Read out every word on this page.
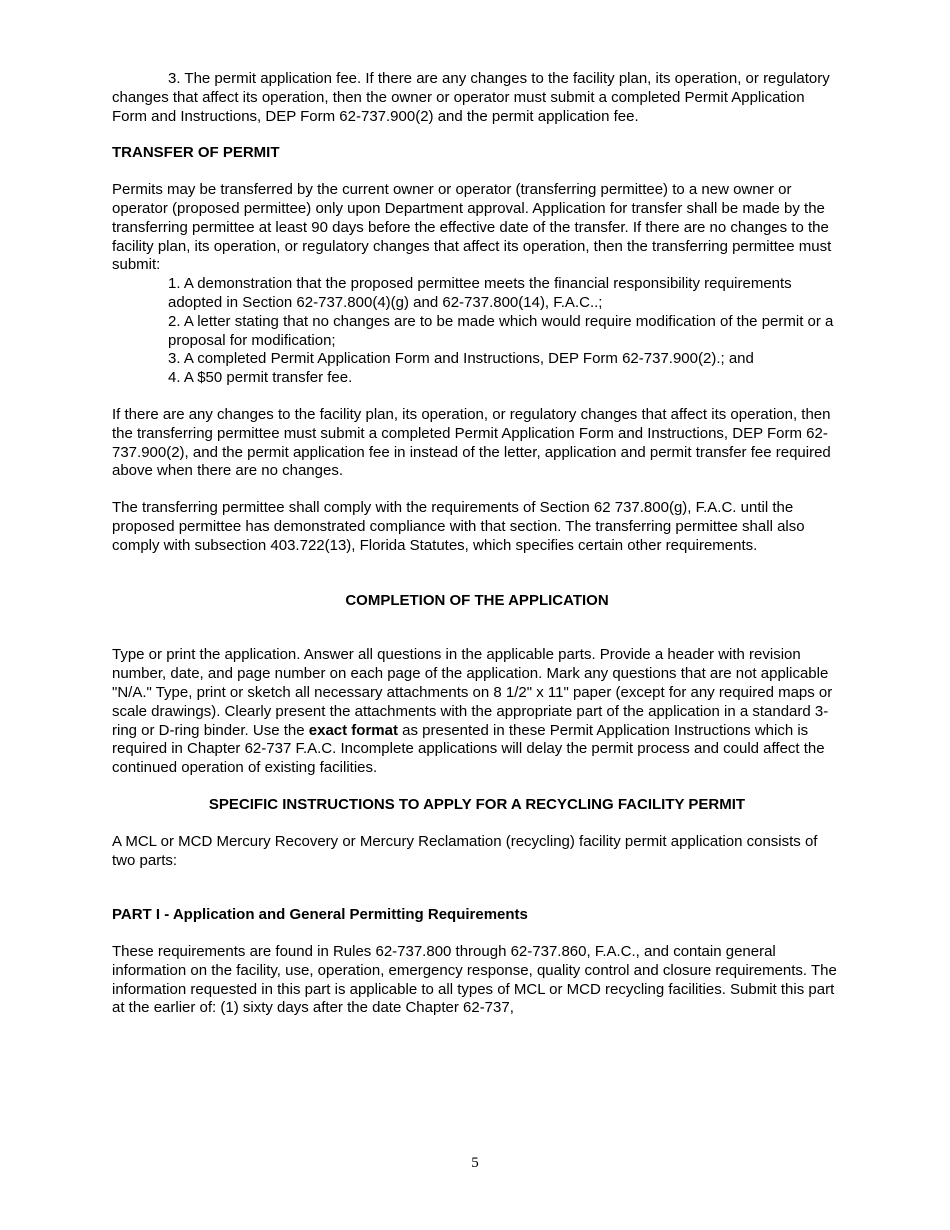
3. The permit application fee. If there are any changes to the facility plan, its operation, or regulatory changes that affect its operation, then the owner or operator must submit a completed Permit Application Form and Instructions, DEP Form 62-737.900(2) and the permit application fee.

TRANSFER OF PERMIT

Permits may be transferred by the current owner or operator (transferring permittee) to a new owner or operator (proposed permittee) only upon Department approval. Application for transfer shall be made by the transferring permittee at least 90 days before the effective date of the transfer. If there are no changes to the facility plan, its operation, or regulatory changes that affect its operation, then the transferring permittee must submit:

1. A demonstration that the proposed permittee meets the financial responsibility requirements adopted in Section 62-737.800(4)(g) and 62-737.800(14), F.A.C..;
2. A letter stating that no changes are to be made which would require modification of the permit or a proposal for modification;
3. A completed Permit Application Form and Instructions, DEP Form 62-737.900(2).; and
4. A $50 permit transfer fee.

If there are any changes to the facility plan, its operation, or regulatory changes that affect its operation, then the transferring permittee must submit a completed Permit Application Form and Instructions, DEP Form 62-737.900(2), and the permit application fee in instead of the letter, application and permit transfer fee required above when there are no changes.

The transferring permittee shall comply with the requirements of Section 62 737.800(g), F.A.C. until the proposed permittee has demonstrated compliance with that section. The transferring permittee shall also comply with subsection 403.722(13), Florida Statutes, which specifies certain other requirements.

COMPLETION OF THE APPLICATION

Type or print the application. Answer all questions in the applicable parts. Provide a header with revision number, date, and page number on each page of the application. Mark any questions that are not applicable "N/A." Type, print or sketch all necessary attachments on 8 1/2" x 11" paper (except for any required maps or scale drawings). Clearly present the attachments with the appropriate part of the application in a standard 3-ring or D-ring binder. Use the exact format as presented in these Permit Application Instructions which is required in Chapter 62-737 F.A.C. Incomplete applications will delay the permit process and could affect the continued operation of existing facilities.

SPECIFIC INSTRUCTIONS TO APPLY FOR A RECYCLING FACILITY PERMIT

A MCL or MCD Mercury Recovery or Mercury Reclamation (recycling) facility permit application consists of two parts:

PART I - Application and General Permitting Requirements

These requirements are found in Rules 62-737.800 through 62-737.860, F.A.C., and contain general information on the facility, use, operation, emergency response, quality control and closure requirements. The information requested in this part is applicable to all types of MCL or MCD recycling facilities. Submit this part at the earlier of: (1) sixty days after the date Chapter 62-737,

5
